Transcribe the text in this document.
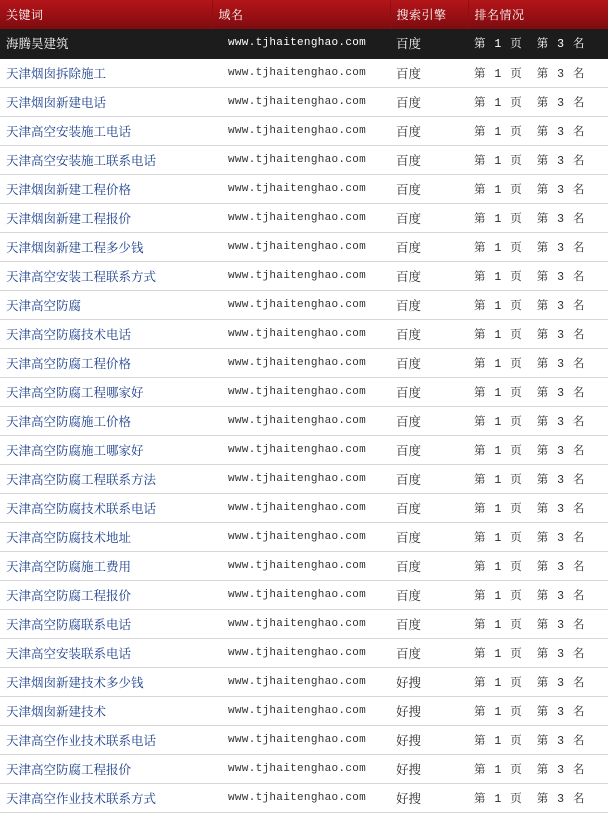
关键词	域名	搜索引擎	排名情况
海腾昊建筑	www.tjhaitenghao.com	百度	第 1 页 第 3 名
天津烟囱拆除施工	www.tjhaitenghao.com	百度	第 1 页 第 3 名
天津烟囱新建电话	www.tjhaitenghao.com	百度	第 1 页 第 3 名
天津高空安装施工电话	www.tjhaitenghao.com	百度	第 1 页 第 3 名
天津高空安装施工联系电话	www.tjhaitenghao.com	百度	第 1 页 第 3 名
天津烟囱新建工程价格	www.tjhaitenghao.com	百度	第 1 页 第 3 名
天津烟囱新建工程报价	www.tjhaitenghao.com	百度	第 1 页 第 3 名
天津烟囱新建工程多少钱	www.tjhaitenghao.com	百度	第 1 页 第 3 名
天津高空安装工程联系方式	www.tjhaitenghao.com	百度	第 1 页 第 3 名
天津高空防腐	www.tjhaitenghao.com	百度	第 1 页 第 3 名
天津高空防腐技术电话	www.tjhaitenghao.com	百度	第 1 页 第 3 名
天津高空防腐工程价格	www.tjhaitenghao.com	百度	第 1 页 第 3 名
天津高空防腐工程哪家好	www.tjhaitenghao.com	百度	第 1 页 第 3 名
天津高空防腐施工价格	www.tjhaitenghao.com	百度	第 1 页 第 3 名
天津高空防腐施工哪家好	www.tjhaitenghao.com	百度	第 1 页 第 3 名
天津高空防腐工程联系方法	www.tjhaitenghao.com	百度	第 1 页 第 3 名
天津高空防腐技术联系电话	www.tjhaitenghao.com	百度	第 1 页 第 3 名
天津高空防腐技术地址	www.tjhaitenghao.com	百度	第 1 页 第 3 名
天津高空防腐施工费用	www.tjhaitenghao.com	百度	第 1 页 第 3 名
天津高空防腐工程报价	www.tjhaitenghao.com	百度	第 1 页 第 3 名
天津高空防腐联系电话	www.tjhaitenghao.com	百度	第 1 页 第 3 名
天津高空安装联系电话	www.tjhaitenghao.com	百度	第 1 页 第 3 名
天津烟囱新建技术多少钱	www.tjhaitenghao.com	好搜	第 1 页 第 3 名
天津烟囱新建技术	www.tjhaitenghao.com	好搜	第 1 页 第 3 名
天津高空作业技术联系电话	www.tjhaitenghao.com	好搜	第 1 页 第 3 名
天津高空防腐工程报价	www.tjhaitenghao.com	好搜	第 1 页 第 3 名
天津高空作业技术联系方式	www.tjhaitenghao.com	好搜	第 1 页 第 3 名
